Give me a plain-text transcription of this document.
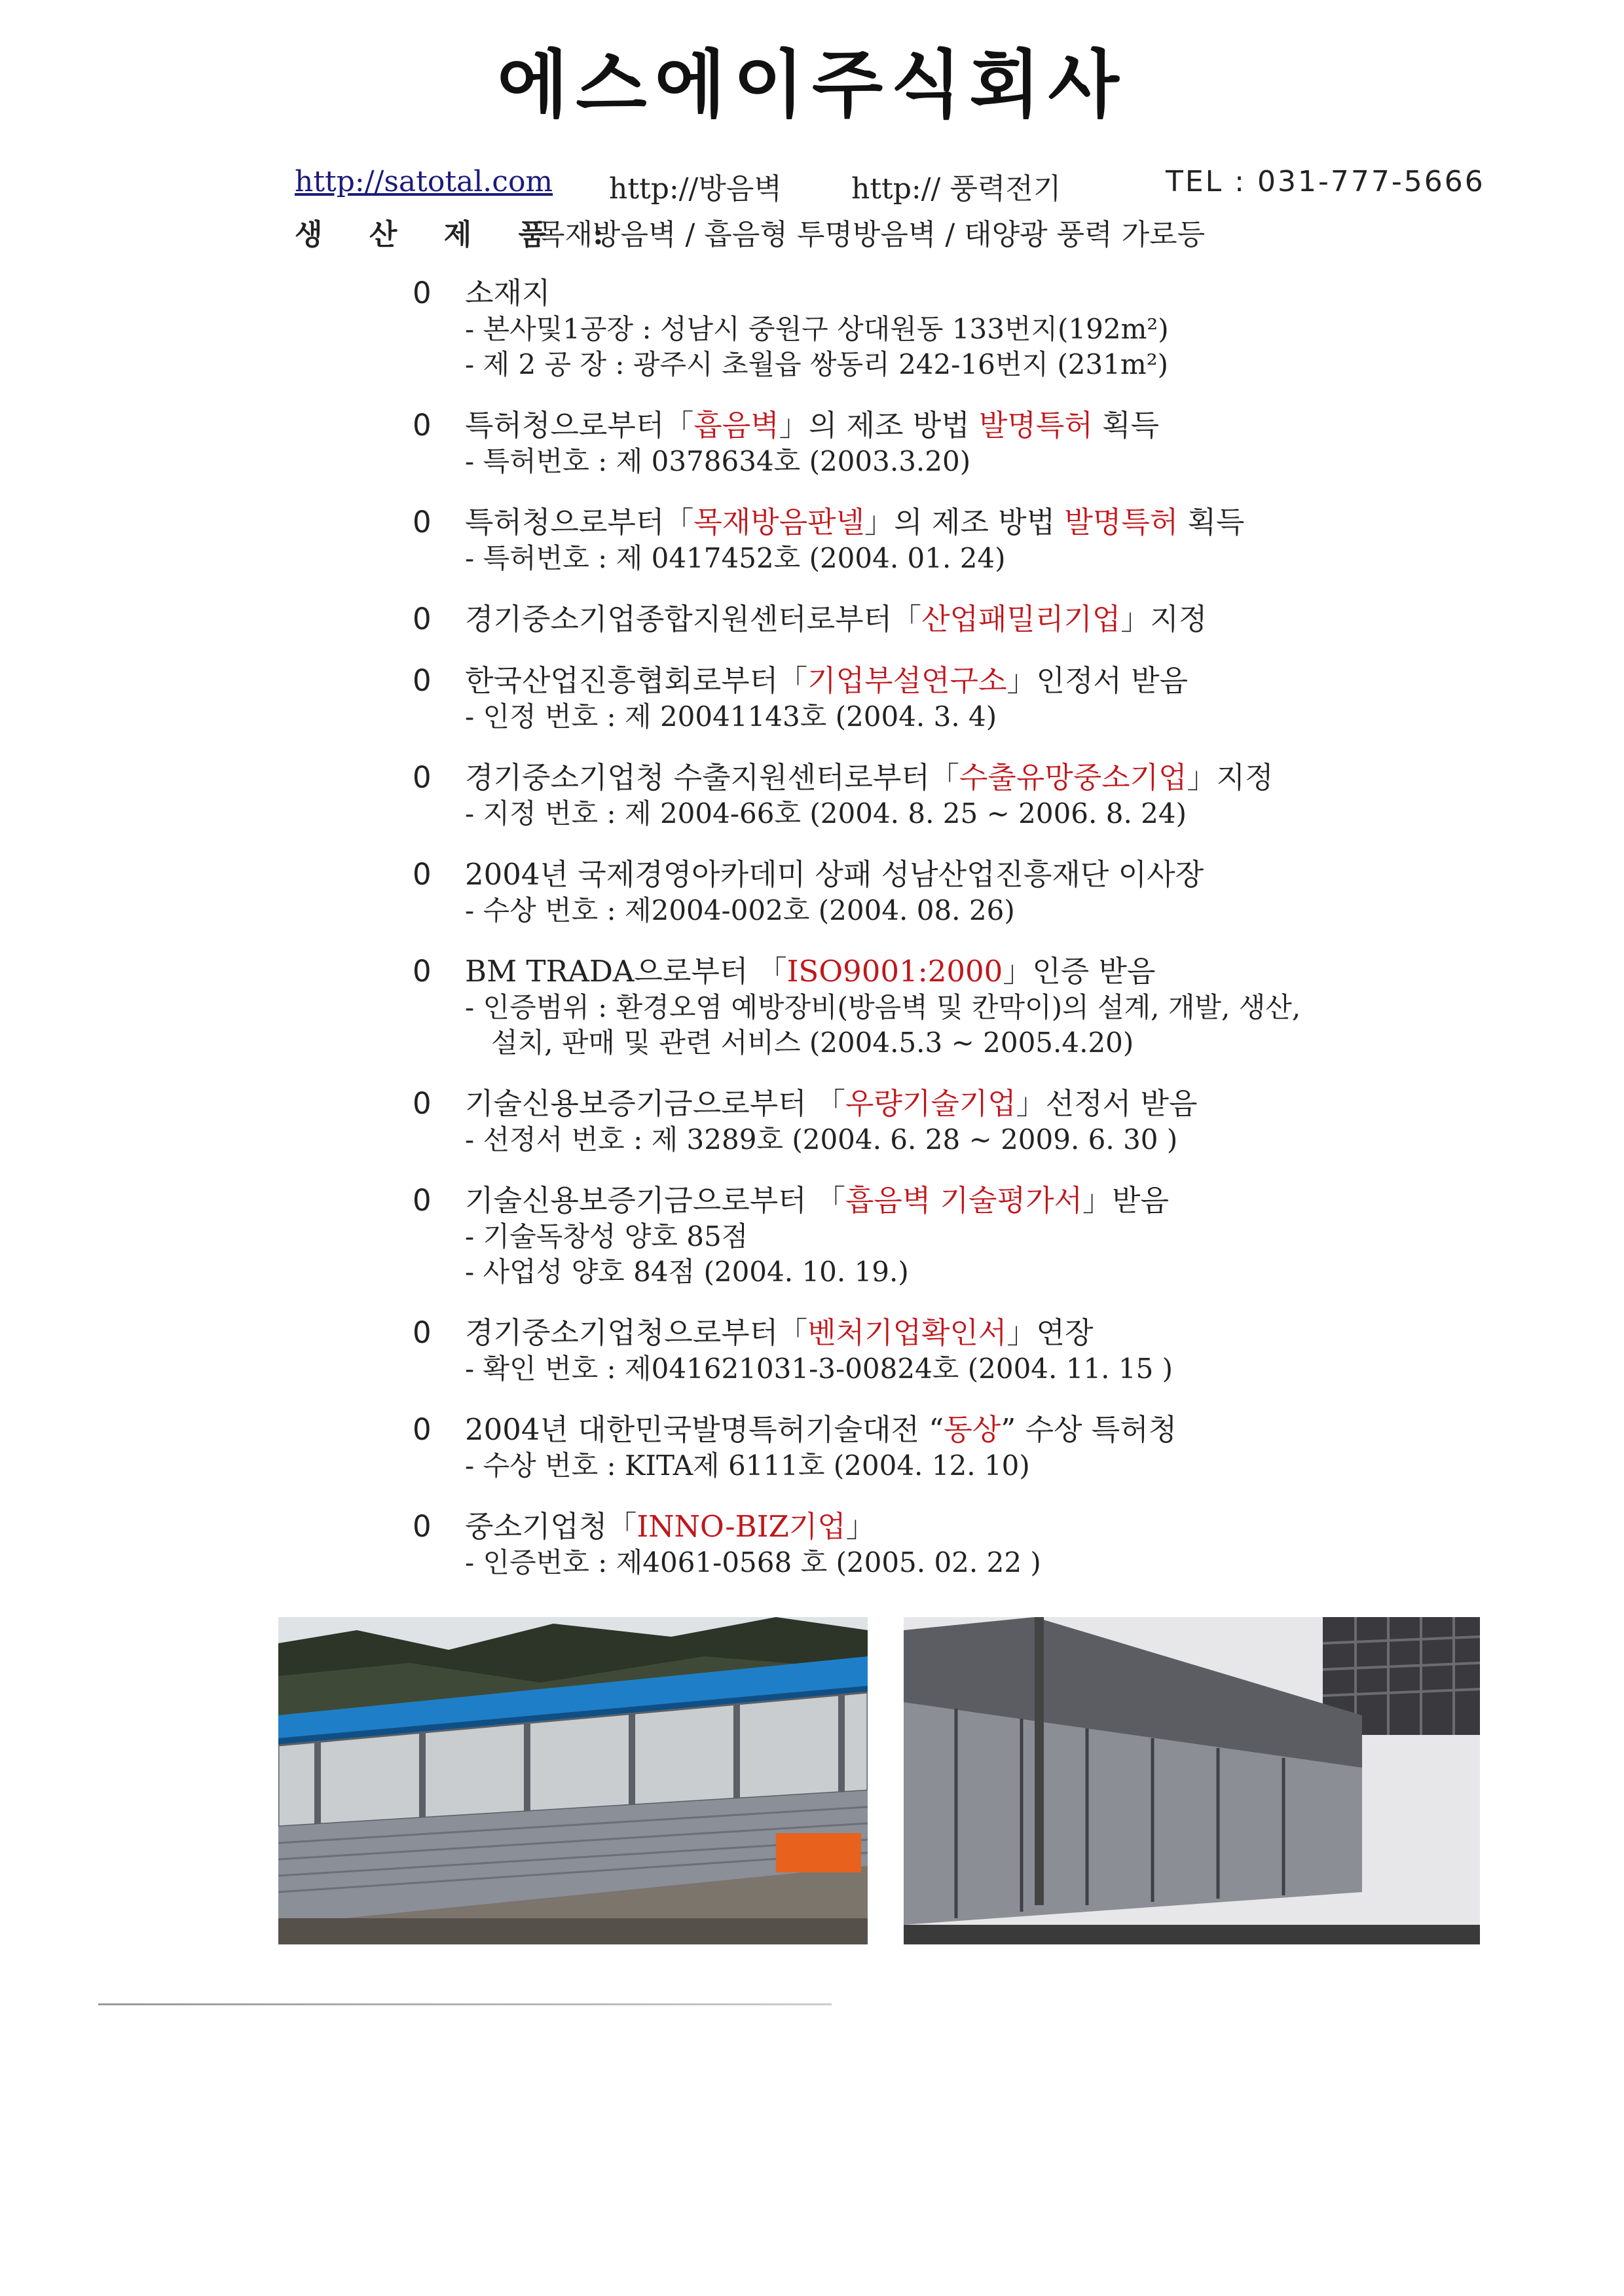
에스에이주식회사
http://satotal.com http://방음벽 http:// 풍력전기	TEL : 031-777-5666
생 산 제 품 :
목재방음벽 / 흡음형 투명방음벽 / 태양광 풍력 가로등
0 소재지
- 본사및1공장 : 성남시 중원구 상대원동 133번지(192m²)
- 제 2 공 장 : 광주시 초월읍 쌍동리 242-16번지 (231m²)
0 특허청으로부터「흡음벽」의 제조 방법 발명특허 획득
- 특허번호 : 제 0378634호 (2003.3.20)
0 특허청으로부터「목재방음판넬」의 제조 방법 발명특허 획득
- 특허번호 : 제 0417452호 (2004. 01. 24)
0 경기중소기업종합지원센터로부터「산업패밀리기업」지정
0 한국산업진흥협회로부터「기업부설연구소」인정서 받음
- 인정 번호 : 제 20041143호 (2004. 3. 4)
0 경기중소기업청 수출지원센터로부터「수출유망중소기업」지정
- 지정 번호 : 제 2004-66호 (2004. 8. 25 ~ 2006. 8. 24)
0 2004년 국제경영아카데미 상패 성남산업진흥재단 이사장
- 수상 번호 : 제2004-002호 (2004. 08. 26)
0 BM TRADA으로부터 「ISO9001:2000」인증 받음
- 인증범위 : 환경오염 예방장비(방음벽 및 칸막이)의 설계, 개발, 생산,
설치, 판매 및 관련 서비스 (2004.5.3 ~ 2005.4.20)
0 기술신용보증기금으로부터 「우량기술기업」선정서 받음
- 선정서 번호 : 제 3289호 (2004. 6. 28 ~ 2009. 6. 30 )
0 기술신용보증기금으로부터 「흡음벽 기술평가서」받음
- 기술독창성 양호 85점
- 사업성 양호 84점 (2004. 10. 19.)
0 경기중소기업청으로부터「벤처기업확인서」연장
- 확인 번호 : 제041621031-3-00824호 (2004. 11. 15 )
0 2004년 대한민국발명특허기술대전 “동상” 수상 특허청
- 수상 번호 : KITA제 6111호 (2004. 12. 10)
0 중소기업청「INNO-BIZ기업」
- 인증번호 : 제4061-0568 호 (2005. 02. 22 )
